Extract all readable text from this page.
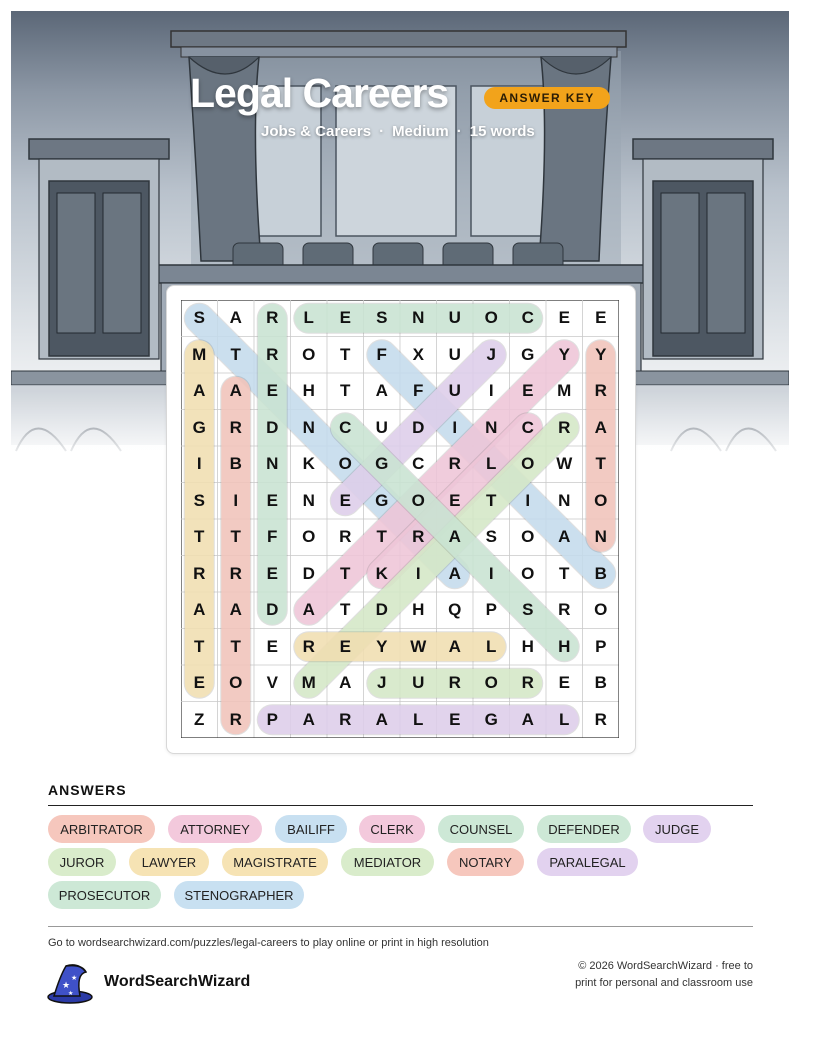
Legal Careers	ANSWER KEY
Jobs & Careers · Medium · 15 words
S	A	R	L	E	S	N	U	O	C	E	E
M	T	R	O	T	F	X	U	J	G	Y	Y
A	A	E	H	T	A	F	U	I	E	M	R
G	R	D	N	C	U	D	I	N	C	R	A
I	B	N	K	O	G	C	R	L	O	W	T
S	I	E	N	E	G	O	E	T	I	N	O
T	T	F	O	R	T	R	A	S	O	A	N
R	R	E	D	T	K	I	A	I	O	T	B
A	A	D	A	T	D	H	Q	P	S	R	O
T	T	E	R	E	Y	W	A	L	H	H	P
E	O	V	M	A	J	U	R	O	R	E	B
Z	R	P	A	R	A	L	E	G	A	L	R
ANSWERS
ARBITRATOR	ATTORNEY	BAILIFF	CLERK	COUNSEL	DEFENDER	JUDGE
JUROR	LAWYER	MAGISTRATE	MEDIATOR	NOTARY	PARALEGAL
PROSECUTOR	STENOGRAPHER
Go to wordsearchwizard.com/puzzles/legal-careers to play online or print in high resolution
★
★
★
WordSearchWizard
© 2026 WordSearchWizard · free to print for personal and classroom use
